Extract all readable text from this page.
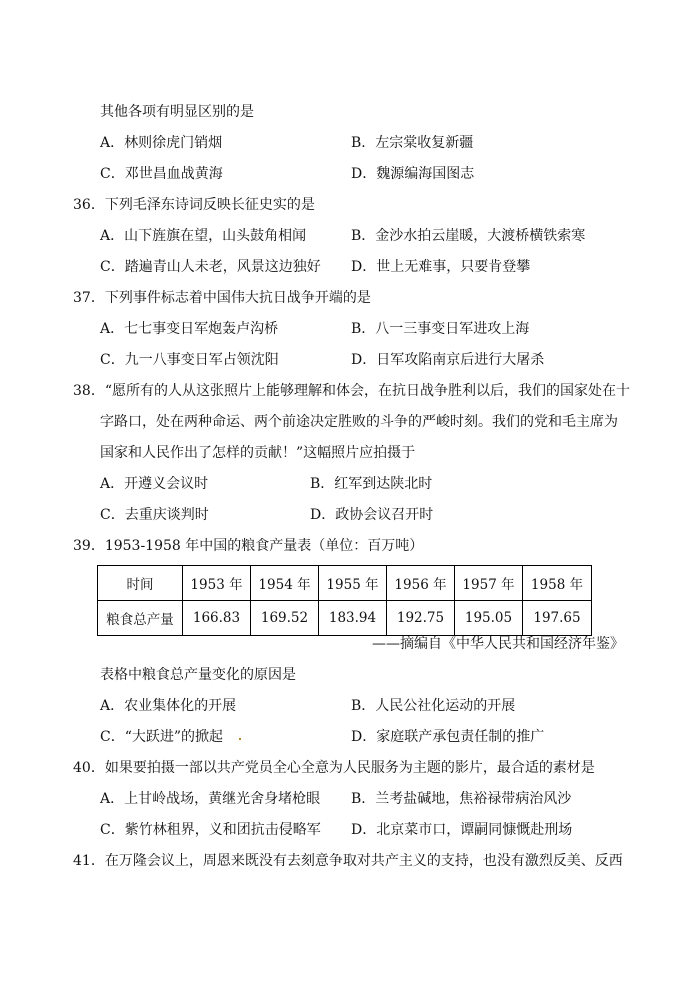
其他各项有明显区别的是
A．林则徐虎门销烟	B．左宗棠收复新疆
C．邓世昌血战黄海	D．魏源编海国图志
36．下列毛泽东诗词反映长征史实的是
A．山下旌旗在望，山头鼓角相闻	B．金沙水拍云崖暖，大渡桥横铁索寒
C．踏遍青山人未老，风景这边独好 D．世上无难事，只要肯登攀
37．下列事件标志着中国伟大抗日战争开端的是
A．七七事变日军炮轰卢沟桥	B．八一三事变日军进攻上海
C．九一八事变日军占领沈阳	D．日军攻陷南京后进行大屠杀
38．“愿所有的人从这张照片上能够理解和体会，在抗日战争胜利以后，我们的国家处在十
字路口，处在两种命运、两个前途决定胜败的斗争的严峻时刻。我们的党和毛主席为
国家和人民作出了怎样的贡献！”这幅照片应拍摄于
A．开遵义会议时	B．红军到达陕北时
C．去重庆谈判时	D．政协会议召开时
39．1953-1958 年中国的粮食产量表（单位：百万吨）
时间	1953 年	1954 年	1955 年	1956 年	1957 年	1958 年
粮食总产量	166.83	169.52	183.94	192.75	195.05	197.65
——摘编自《中华人民共和国经济年鉴》
表格中粮食总产量变化的原因是
A．农业集体化的开展	B．人民公社化运动的开展
C．“大跃进”的掀起	D．家庭联产承包责任制的推广
40．如果要拍摄一部以共产党员全心全意为人民服务为主题的影片，最合适的素材是
A．上甘岭战场，黄继光舍身堵枪眼 B．兰考盐碱地，焦裕禄带病治风沙
C．紫竹林租界，义和团抗击侵略军 D．北京菜市口，谭嗣同慷慨赴刑场
41．在万隆会议上，周恩来既没有去刻意争取对共产主义的支持，也没有激烈反美、反西
